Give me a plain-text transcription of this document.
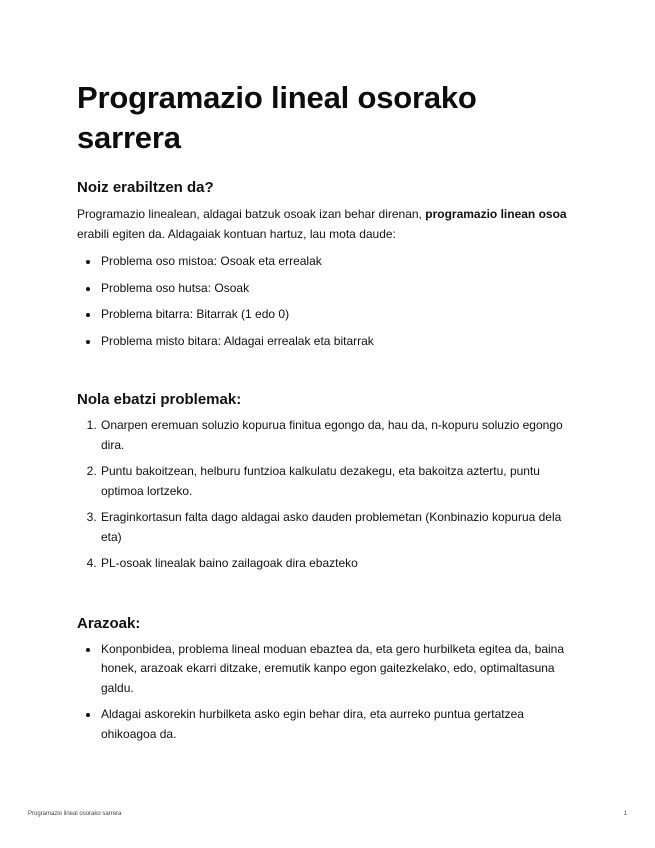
Programazio lineal osorako sarrera
Noiz erabiltzen da?

Programazio linealean, aldagai batzuk osoak izan behar direnan, programazio linean osoa erabili egiten da. Aldagaiak kontuan hartuz, lau mota daude:

• Problema oso mistoa: Osoak eta errealak
• Problema oso hutsa: Osoak
• Problema bitarra: Bitarrak (1 edo 0)
• Problema misto bitara: Aldagai errealak eta bitarrak
Nola ebatzi problemak:
1. Onarpen eremuan soluzio kopurua finitua egongo da, hau da, n-kopuru soluzio egongo dira.
2. Puntu bakoitzean, helburu funtzioa kalkulatu dezakegu, eta bakoitza aztertu, puntu optimoa lortzeko.
3. Eraginkortasun falta dago aldagai asko dauden problemetan (Konbinazio kopurua dela eta)
4. PL-osoak linealak baino zailagoak dira ebazteko
Arazoak:
• Konponbidea, problema lineal moduan ebaztea da, eta gero hurbilketa egitea da, baina honek, arazoak ekarri ditzake, eremutik kanpo egon gaitezkelako, edo, optimaltasuna galdu.
• Aldagai askorekin hurbilketa asko egin behar dira, eta aurreko puntua gertatzea ohikoagoa da.
Programazio lineal osorako sarrera	1
